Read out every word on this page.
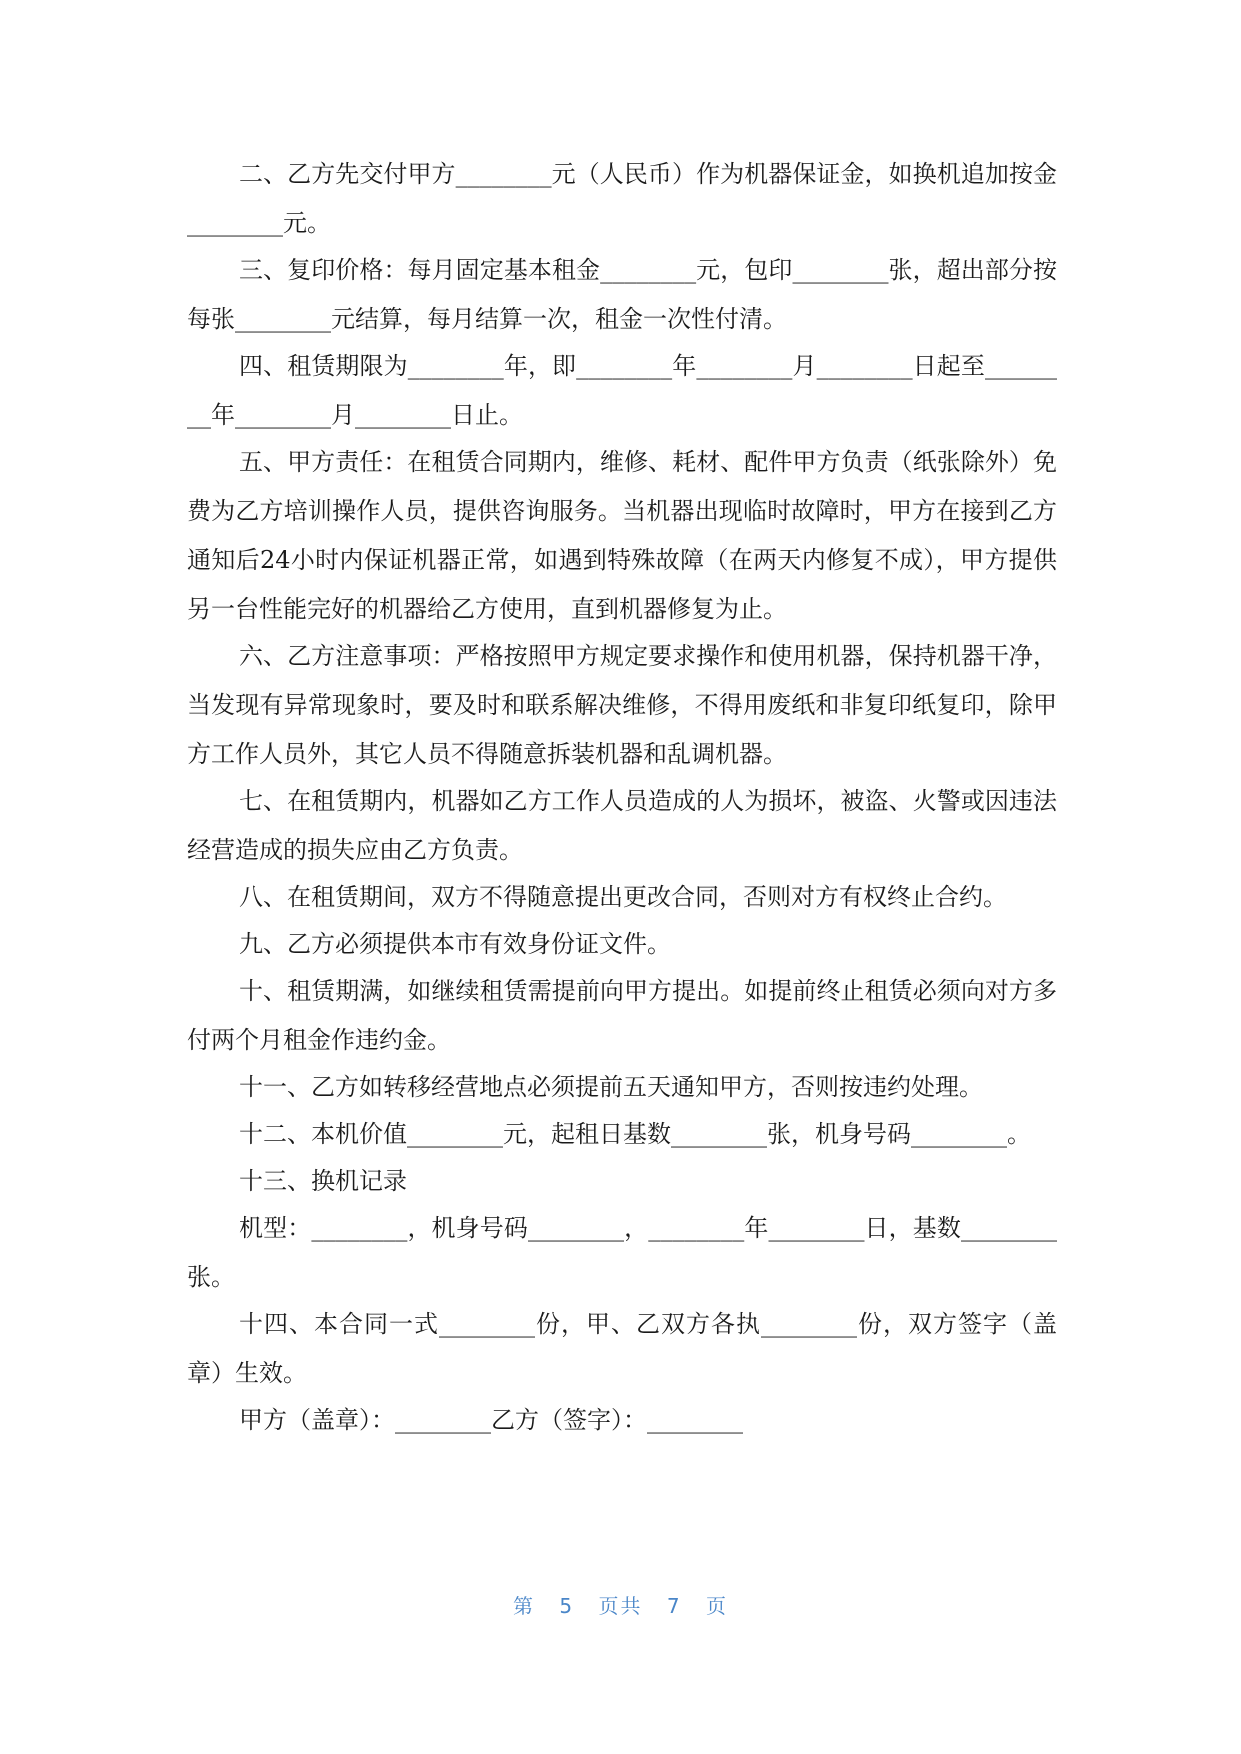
二、乙方先交付甲方________元（人民币）作为机器保证金，如换机追加按金________元。

三、复印价格：每月固定基本租金________元，包印________张，超出部分按每张________元结算，每月结算一次，租金一次性付清。

四、租赁期限为________年，即________年________月________日起至________年________月________日止。

五、甲方责任：在租赁合同期内，维修、耗材、配件甲方负责（纸张除外）免费为乙方培训操作人员，提供咨询服务。当机器出现临时故障时，甲方在接到乙方通知后24小时内保证机器正常，如遇到特殊故障（在两天内修复不成），甲方提供另一台性能完好的机器给乙方使用，直到机器修复为止。

六、乙方注意事项：严格按照甲方规定要求操作和使用机器，保持机器干净，当发现有异常现象时，要及时和联系解决维修，不得用废纸和非复印纸复印，除甲方工作人员外，其它人员不得随意拆装机器和乱调机器。

七、在租赁期内，机器如乙方工作人员造成的人为损坏，被盗、火警或因违法经营造成的损失应由乙方负责。

八、在租赁期间，双方不得随意提出更改合同，否则对方有权终止合约。

九、乙方必须提供本市有效身份证文件。

十、租赁期满，如继续租赁需提前向甲方提出。如提前终止租赁必须向对方多付两个月租金作违约金。

十一、乙方如转移经营地点必须提前五天通知甲方，否则按违约处理。

十二、本机价值________元，起租日基数________张，机身号码________。

十三、换机记录

机型：________，机身号码________，________年________日，基数________张。

十四、本合同一式________份，甲、乙双方各执________份，双方签字（盖章）生效。

甲方（盖章）：________乙方（签字）：________

第 5 页共 7 页
